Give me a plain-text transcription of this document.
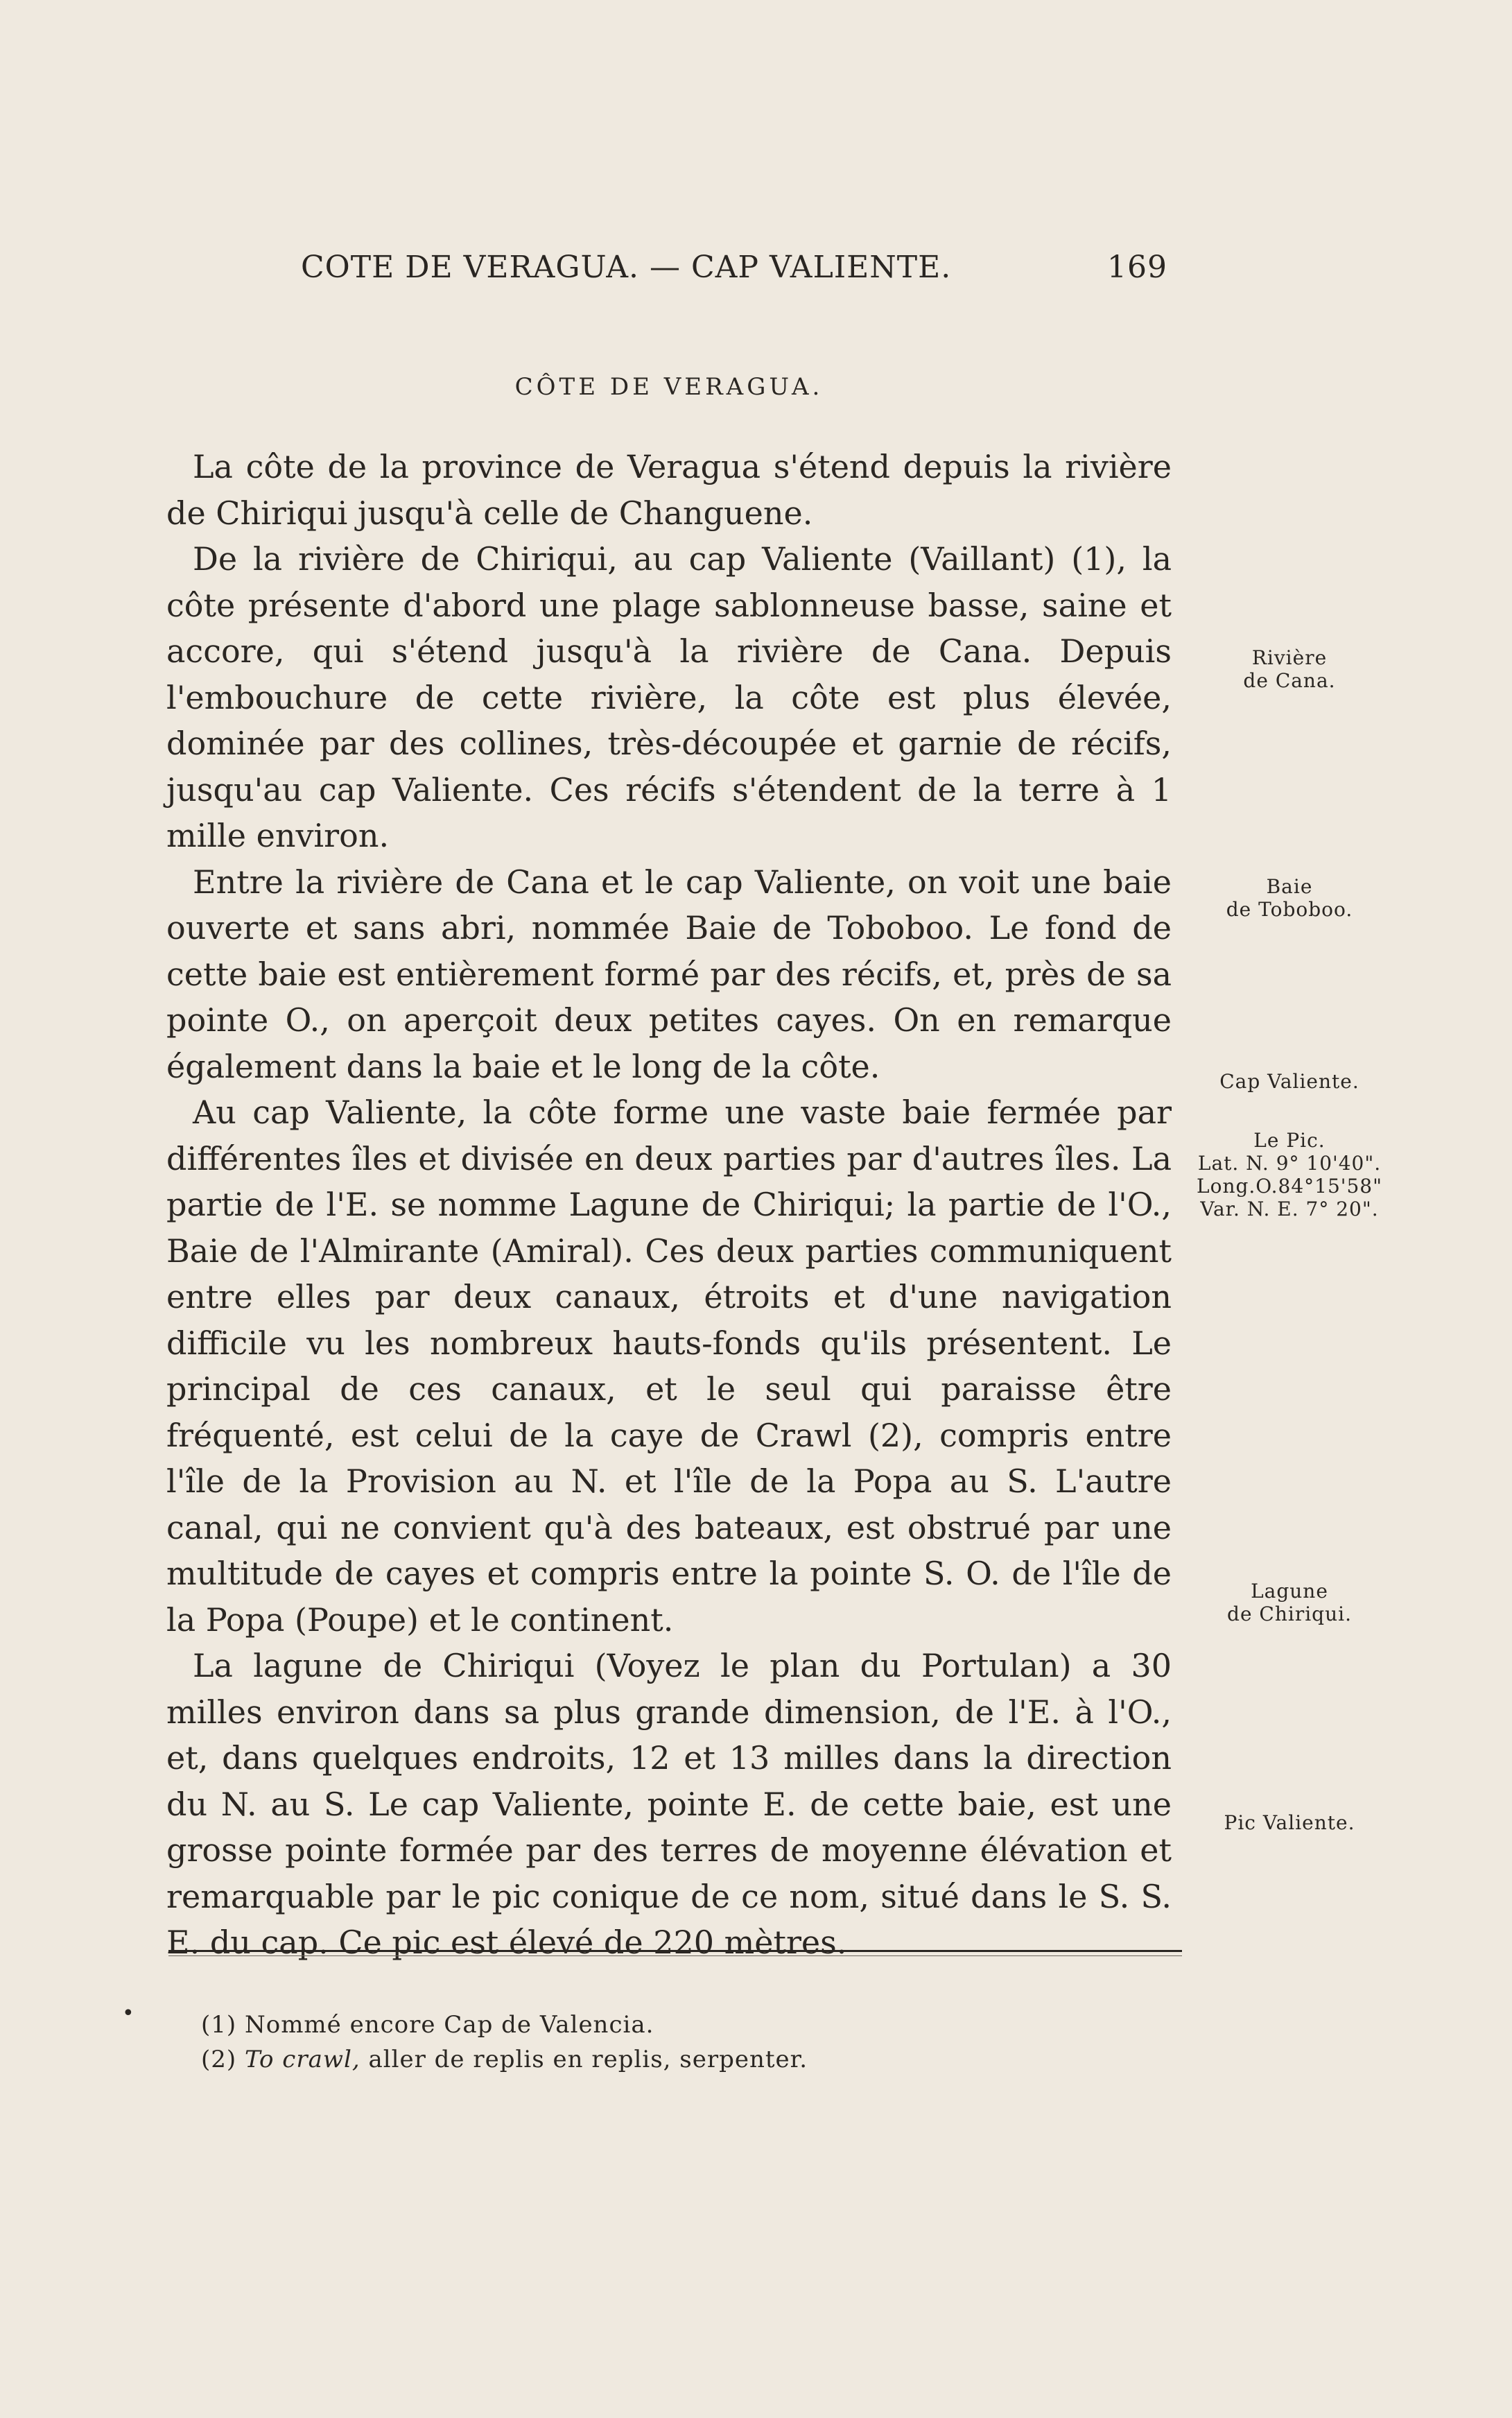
COTE DE VERAGUA. — CAP VALIENTE.	169
CÔTE DE VERAGUA.

La côte de la province de Veragua s'étend depuis la rivière de Chiriqui jusqu'à celle de Changuene.

De la rivière de Chiriqui, au cap Valiente (Vaillant) (1), la côte présente d'abord une plage sablonneuse basse, saine et accore, qui s'étend jusqu'à la rivière de Cana. Depuis l'embouchure de cette rivière, la côte est plus élevée, dominée par des collines, très-découpée et garnie de récifs, jusqu'au cap Valiente. Ces récifs s'étendent de la terre à 1 mille environ.

Entre la rivière de Cana et le cap Valiente, on voit une baie ouverte et sans abri, nommée Baie de Toboboo. Le fond de cette baie est entièrement formé par des récifs, et, près de sa pointe O., on aperçoit deux petites cayes. On en remarque également dans la baie et le long de la côte.

Au cap Valiente, la côte forme une vaste baie fermée par différentes îles et divisée en deux parties par d'autres îles. La partie de l'E. se nomme Lagune de Chiriqui; la partie de l'O., Baie de l'Almirante (Amiral). Ces deux parties communiquent entre elles par deux canaux, étroits et d'une navigation difficile vu les nombreux hauts-fonds qu'ils présentent. Le principal de ces canaux, et le seul qui paraisse être fréquenté, est celui de la caye de Crawl (2), compris entre l'île de la Provision au N. et l'île de la Popa au S. L'autre canal, qui ne convient qu'à des bateaux, est obstrué par une multitude de cayes et compris entre la pointe S. O. de l'île de la Popa (Poupe) et le continent.

La lagune de Chiriqui (Voyez le plan du Portulan) a 30 milles environ dans sa plus grande dimension, de l'E. à l'O., et, dans quelques endroits, 12 et 13 milles dans la direction du N. au S. Le cap Valiente, pointe E. de cette baie, est une grosse pointe formée par des terres de moyenne élévation et remarquable par le pic conique de ce nom, situé dans le S. S. E. du cap. Ce pic est élevé de 220 mètres.

Rivière
de Cana.
Baie
de Toboboo.
Cap Valiente.
Le Pic.
Lat. N. 9° 10'40".
Long.O.84°15'58"
Var. N. E. 7° 20".
Lagune
de Chiriqui.
Pic Valiente.
•	(1) Nommé encore Cap de Valencia.
(2) To crawl, aller de replis en replis, serpenter.
